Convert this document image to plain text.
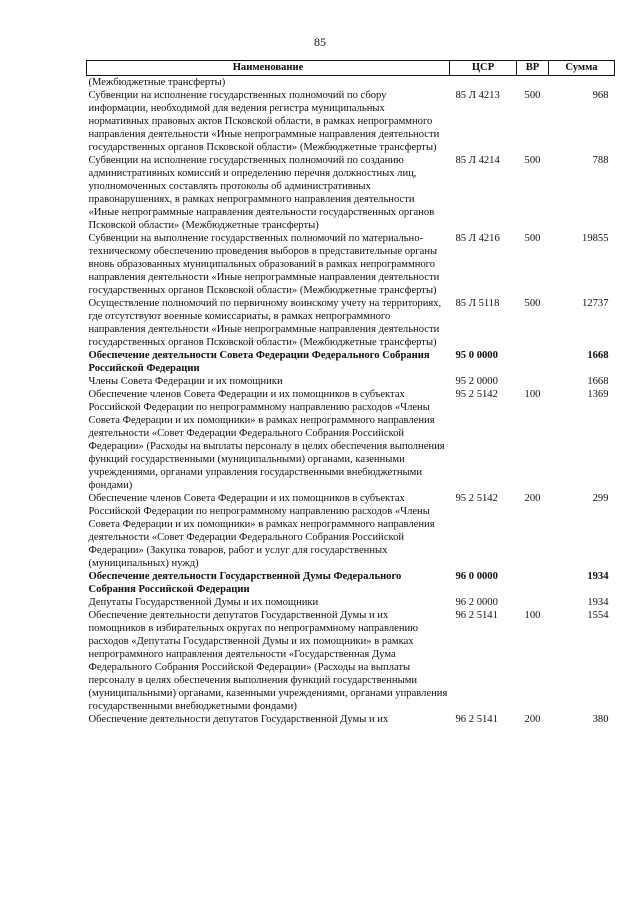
85
Наименование	ЦСР	ВР	Сумма
(Межбюджетные трансферты)			
Субвенции на исполнение государственных полномочий по сбору информации, необходимой для ведения регистра муниципальных нормативных правовых актов Псковской области, в рамках непрограммного направления деятельности «Иные непрограммные направления деятельности государственных органов Псковской области» (Межбюджетные трансферты)	85 Л 4213	500	968
Субвенции на исполнение государственных полномочий по созданию административных комиссий и определению перечня должностных лиц, уполномоченных составлять протоколы об административных правонарушениях, в рамках непрограммного направления деятельности «Иные непрограммные направления деятельности государственных органов Псковской области» (Межбюджетные трансферты)	85 Л 4214	500	788
Субвенции на выполнение государственных полномочий по материально-техническому обеспечению проведения выборов в представительные органы вновь образованных муниципальных образований в рамках непрограммного направления деятельности «Иные непрограммные направления деятельности государственных органов Псковской области» (Межбюджетные трансферты)	85 Л 4216	500	19855
Осуществление полномочий по первичному воинскому учету на территориях, где отсутствуют военные комиссариаты, в рамках непрограммного направления деятельности «Иные непрограммные направления деятельности государственных органов Псковской области» (Межбюджетные трансферты)	85 Л 5118	500	12737
Обеспечение деятельности Совета Федерации Федерального Собрания Российской Федерации	95 0 0000		1668
Члены Совета Федерации и их помощники	95 2 0000		1668
Обеспечение членов Совета Федерации и их помощников в субъектах Российской Федерации по непрограммному направлению расходов «Члены Совета Федерации и их помощники» в рамках непрограммного направления деятельности «Совет Федерации Федерального Собрания Российской Федерации» (Расходы на выплаты персоналу в целях обеспечения выполнения функций государственными (муниципальными) органами, казенными учреждениями, органами управления государственными внебюджетными фондами)	95 2 5142	100	1369
Обеспечение членов Совета Федерации и их помощников в субъектах Российской Федерации по непрограммному направлению расходов «Члены Совета Федерации и их помощники» в рамках непрограммного направления деятельности «Совет Федерации Федерального Собрания Российской Федерации» (Закупка товаров, работ и услуг для государственных (муниципальных) нужд)	95 2 5142	200	299
Обеспечение деятельности Государственной Думы Федерального Собрания Российской Федерации	96 0 0000		1934
Депутаты Государственной Думы и их помощники	96 2 0000		1934
Обеспечение деятельности депутатов Государственной Думы и их помощников в избирательных округах по непрограммному направлению расходов «Депутаты Государственной Думы и их помощники» в рамках непрограммного направления деятельности «Государственная Дума Федерального Собрания Российской Федерации» (Расходы на выплаты персоналу в целях обеспечения выполнения функций государственными (муниципальными) органами, казенными учреждениями, органами управления государственными внебюджетными фондами)	96 2 5141	100	1554
Обеспечение деятельности депутатов Государственной Думы и их	96 2 5141	200	380
